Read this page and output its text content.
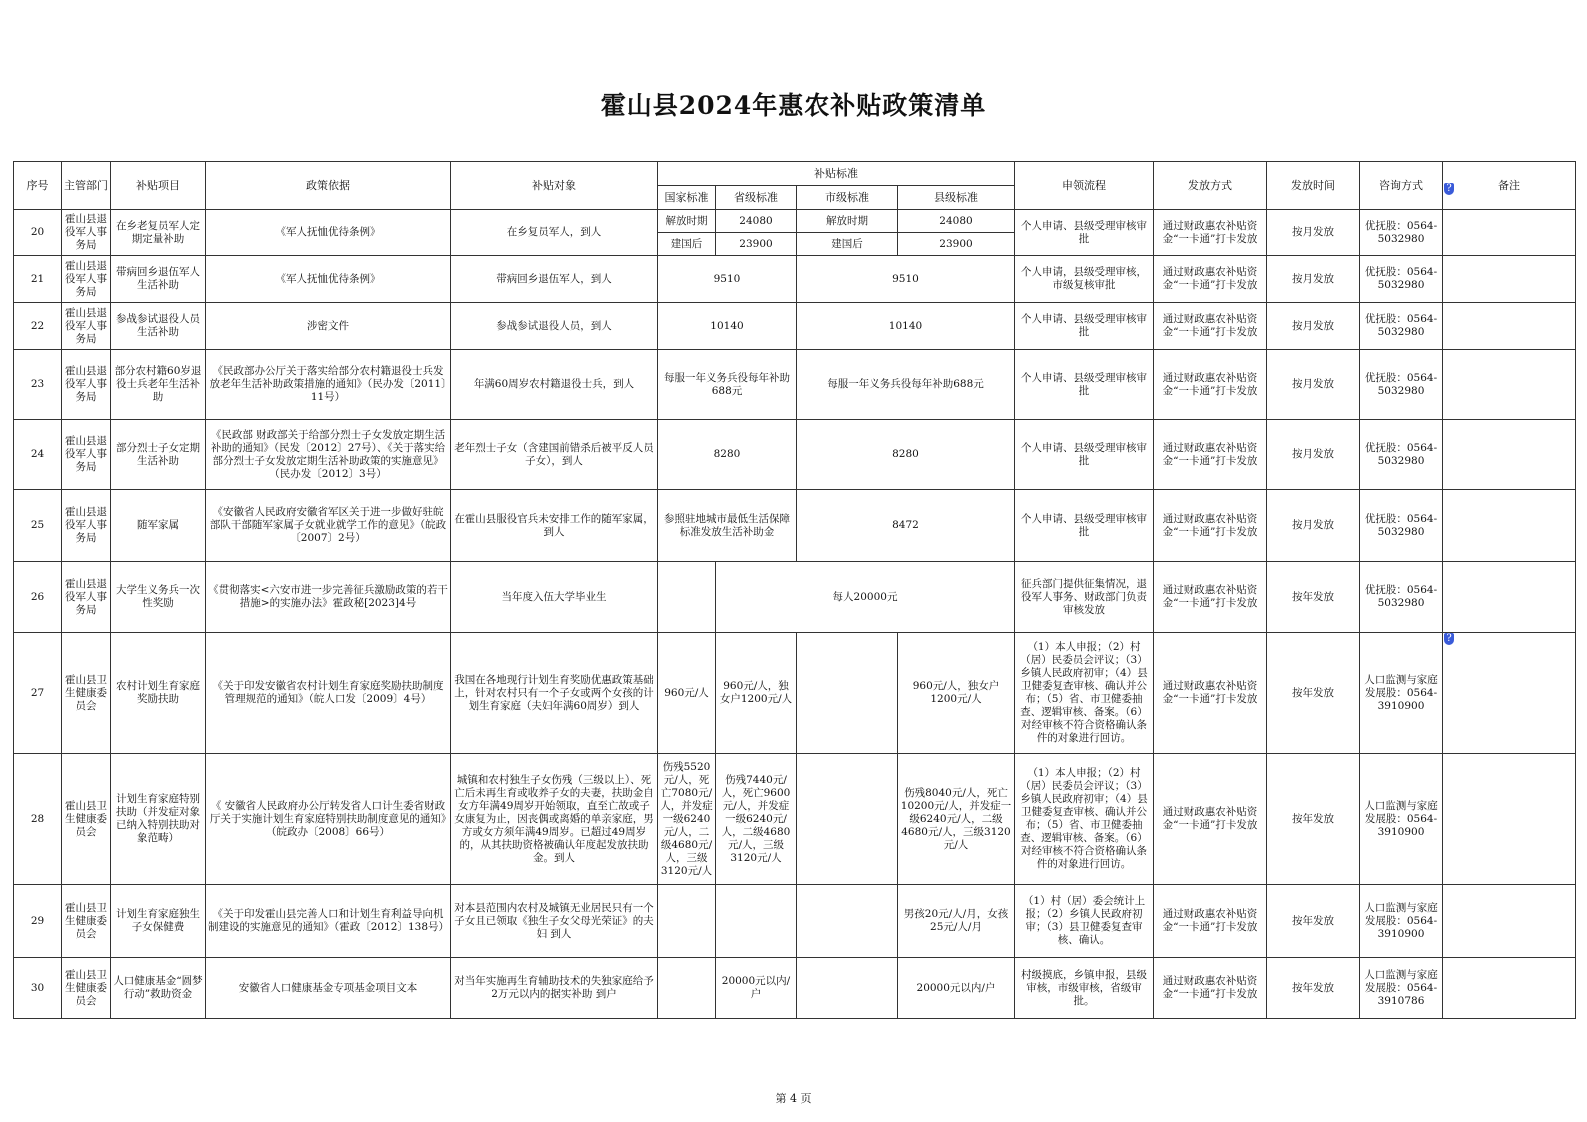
霍山县2024年惠农补贴政策清单
序号	主管部门	补贴项目	政策依据	补贴对象	补贴标准				申领流程	发放方式	发放时间	咨询方式	备注
					国家标准	省级标准	市级标准	县级标准					
20	霍山县退役军人事务局	在乡老复员军人定期定量补助	《军人抚恤优待条例》	在乡复员军人，到人	解放时期	24080	解放时期	24080	个人申请、县级受理审核审批	通过财政惠农补贴资金“一卡通”打卡发放	按月发放	优抚股：0564-5032980	
					建国后	23900	建国后	23900					
21	霍山县退役军人事务局	带病回乡退伍军人生活补助	《军人抚恤优待条例》	带病回乡退伍军人，到人	9510		9510		个人申请，县级受理审核，市级复核审批	通过财政惠农补贴资金“一卡通”打卡发放	按月发放	优抚股：0564-5032980	
22	霍山县退役军人事务局	参战参试退役人员生活补助	涉密文件	参战参试退役人员，到人	10140		10140		个人申请、县级受理审核审批	通过财政惠农补贴资金“一卡通”打卡发放	按月发放	优抚股：0564-5032980	
23	霍山县退役军人事务局	部分农村籍60岁退役士兵老年生活补助	《民政部办公厅关于落实给部分农村籍退役士兵发放老年生活补助政策措施的通知》（民办发〔2011〕11号）	年满60周岁农村籍退役士兵，到人	每服一年义务兵役每年补助688元		每服一年义务兵役每年补助688元		个人申请、县级受理审核审批	通过财政惠农补贴资金“一卡通”打卡发放	按月发放	优抚股：0564-5032980	
24	霍山县退役军人事务局	部分烈士子女定期生活补助	《民政部 财政部关于给部分烈士子女发放定期生活补助的通知》（民发〔2012〕27号）、《关于落实给部分烈士子女发放定期生活补助政策的实施意见》（民办发〔2012〕3号）	老年烈士子女（含建国前错杀后被平反人员子女），到人	8280		8280		个人申请、县级受理审核审批	通过财政惠农补贴资金“一卡通”打卡发放	按月发放	优抚股：0564-5032980	
25	霍山县退役军人事务局	随军家属	《安徽省人民政府安徽省军区关于进一步做好驻皖部队干部随军家属子女就业就学工作的意见》（皖政〔2007〕2号）	在霍山县服役官兵未安排工作的随军家属，到人	参照驻地城市最低生活保障标准发放生活补助金		8472		个人申请、县级受理审核审批	通过财政惠农补贴资金“一卡通”打卡发放	按月发放	优抚股：0564-5032980	
26	霍山县退役军人事务局	大学生义务兵一次性奖励	《贯彻落实<六安市进一步完善征兵激励政策的若干措施>的实施办法》霍政秘[2023]4号	当年度入伍大学毕业生		每人20000元			征兵部门提供征集情况，退役军人事务、财政部门负责审核发放	通过财政惠农补贴资金“一卡通”打卡发放	按年发放	优抚股：0564-5032980	
27	霍山县卫生健康委员会	农村计划生育家庭奖励扶助	《关于印发安徽省农村计划生育家庭奖励扶助制度管理规范的通知》（皖人口发〔2009〕4号）	我国在各地现行计划生育奖励优惠政策基础上，针对农村只有一个子女或两个女孩的计划生育家庭（夫妇年满60周岁）到人	960元/人	960元/人，独女户1200元/人		960元/人，独女户1200元/人	（1）本人申报；（2）村（居）民委员会评议；（3）乡镇人民政府初审；（4）县卫健委复查审核、确认并公布；（5）省、市卫健委抽查、逻辑审核、备案。（6）对经审核不符合资格确认条件的对象进行回访。	通过财政惠农补贴资金“一卡通”打卡发放	按年发放	人口监测与家庭发展股：0564-3910900	
28	霍山县卫生健康委员会	计划生育家庭特别扶助（并发症对象已纳入特别扶助对象范畴）	《 安徽省人民政府办公厅转发省人口计生委省财政厅关于实施计划生育家庭特别扶助制度意见的通知》（皖政办〔2008〕66号）	城镇和农村独生子女伤残（三级以上）、死亡后未再生育或收养子女的夫妻，扶助金自女方年满49周岁开始领取，直至亡故或子女康复为止，因丧偶或离婚的单亲家庭，男方或女方须年满49周岁。已超过49周岁的，从其扶助资格被确认年度起发放扶助金。到人	伤残5520元/人，死亡7080元/人，并发症一级6240元/人，二级4680元/人，三级3120元/人	伤残7440元/人，死亡9600元/人，并发症一级6240元/人，二级4680元/人，三级3120元/人		伤残8040元/人，死亡10200元/人，并发症一级6240元/人，二级4680元/人，三级3120元/人	（1）本人申报；（2）村（居）民委员会评议；（3）乡镇人民政府初审；（4）县卫健委复查审核、确认并公布；（5）省、市卫健委抽查、逻辑审核、备案。（6）对经审核不符合资格确认条件的对象进行回访。	通过财政惠农补贴资金“一卡通”打卡发放	按年发放	人口监测与家庭发展股：0564-3910900	
29	霍山县卫生健康委员会	计划生育家庭独生子女保健费	《关于印发霍山县完善人口和计划生育利益导向机制建设的实施意见的通知》（霍政〔2012〕138号）	对本县范围内农村及城镇无业居民只有一个子女且已领取《独生子女父母光荣证》的夫妇 到人				男孩20元/人/月，女孩25元/人/月	（1）村（居）委会统计上报；（2）乡镇人民政府初审；（3）县卫健委复查审核、确认。	通过财政惠农补贴资金“一卡通”打卡发放	按年发放	人口监测与家庭发展股：0564-3910900	
30	霍山县卫生健康委员会	人口健康基金“圆梦行动”救助资金	安徽省人口健康基金专项基金项目文本	对当年实施再生育辅助技术的失独家庭给予2万元以内的据实补助 到户		20000元以内/户		20000元以内/户	村级摸底，乡镇申报，县级审核，市级审核，省级审批。	通过财政惠农补贴资金“一卡通”打卡发放	按年发放	人口监测与家庭发展股：0564-3910786	
?
?
第 4 页
